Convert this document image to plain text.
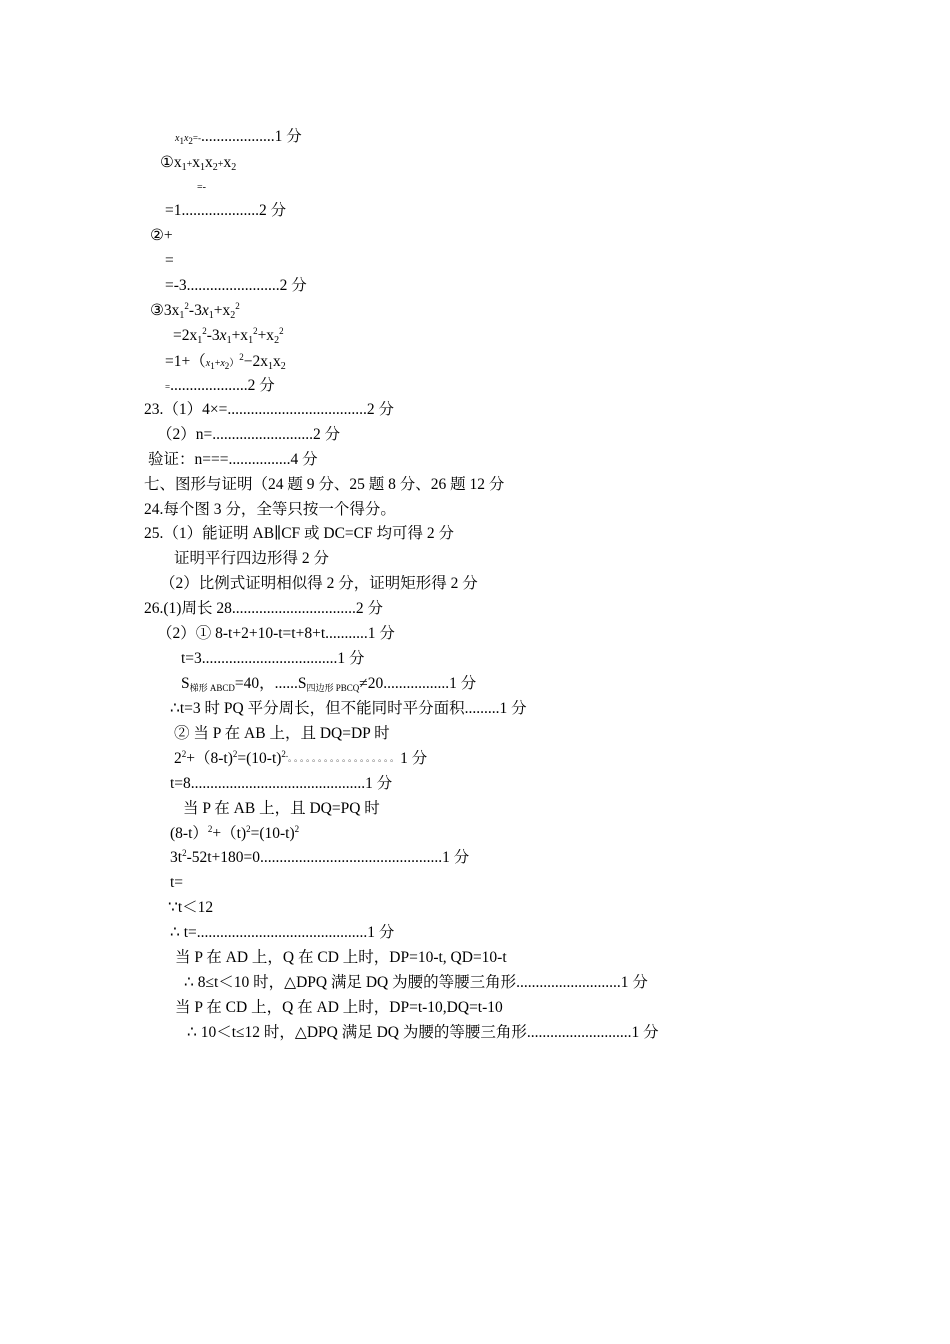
$x_1x_2=-...................1$ 分
$①x_1+x_1x_2+x_2$
=-
=1....................2 分
②+
=
=-3........................2 分
$③3x_1^2-3x_1+x_2^2$
$=2x_1^2-3x_1+x_1^2+x_2^2$
$=1+(x_1+x_2)^2-2x_1x_2$
=....................2 分
23.（1）4×=....................................2 分
（2）n=..........................2 分
验证：n===................4 分
七、图形与证明（24 题 9 分、25 题 8 分、26 题 12 分
24.每个图 3 分，全等只按一个得分。
25.（1）能证明 AB∥CF 或 DC=CF 均可得 2 分
证明平行四边形得 2 分
（2）比例式证明相似得 2 分，证明矩形得 2 分
26.(1)周长 28................................2 分
（2）① 8-t+2+10-t=t+8+t...........1 分
t=3...................................1 分
$S_{梯形 ABCD}=40$，$......S_{四边形 PBCQ}\ne 20.................1$ 分
∴t=3 时 PQ 平分周长，但不能同时平分面积.........1 分
② 当 P 在 AB 上，且 DQ=DP 时
$2^2+(8-t)^2=(10-t)^{2.}$。。。。。。。。。。。。。。。。。。1 分
t=8.............................................1 分
当 P 在 AB 上，且 DQ=PQ 时
$(8-t)^2+(t)^2=(10-t)^2$
$3t^2-52t+180=0...............................................1$ 分
t=
∵t＜12
∴ t=............................................1 分
当 P 在 AD 上，Q 在 CD 上时，DP=10-t, QD=10-t
∴ 8≤t＜10 时，△DPQ 满足 DQ 为腰的等腰三角形...........................1 分
当 P 在 CD 上，Q 在 AD 上时，DP=t-10,DQ=t-10
∴ 10＜t≤12 时，△DPQ 满足 DQ 为腰的等腰三角形...........................1 分
